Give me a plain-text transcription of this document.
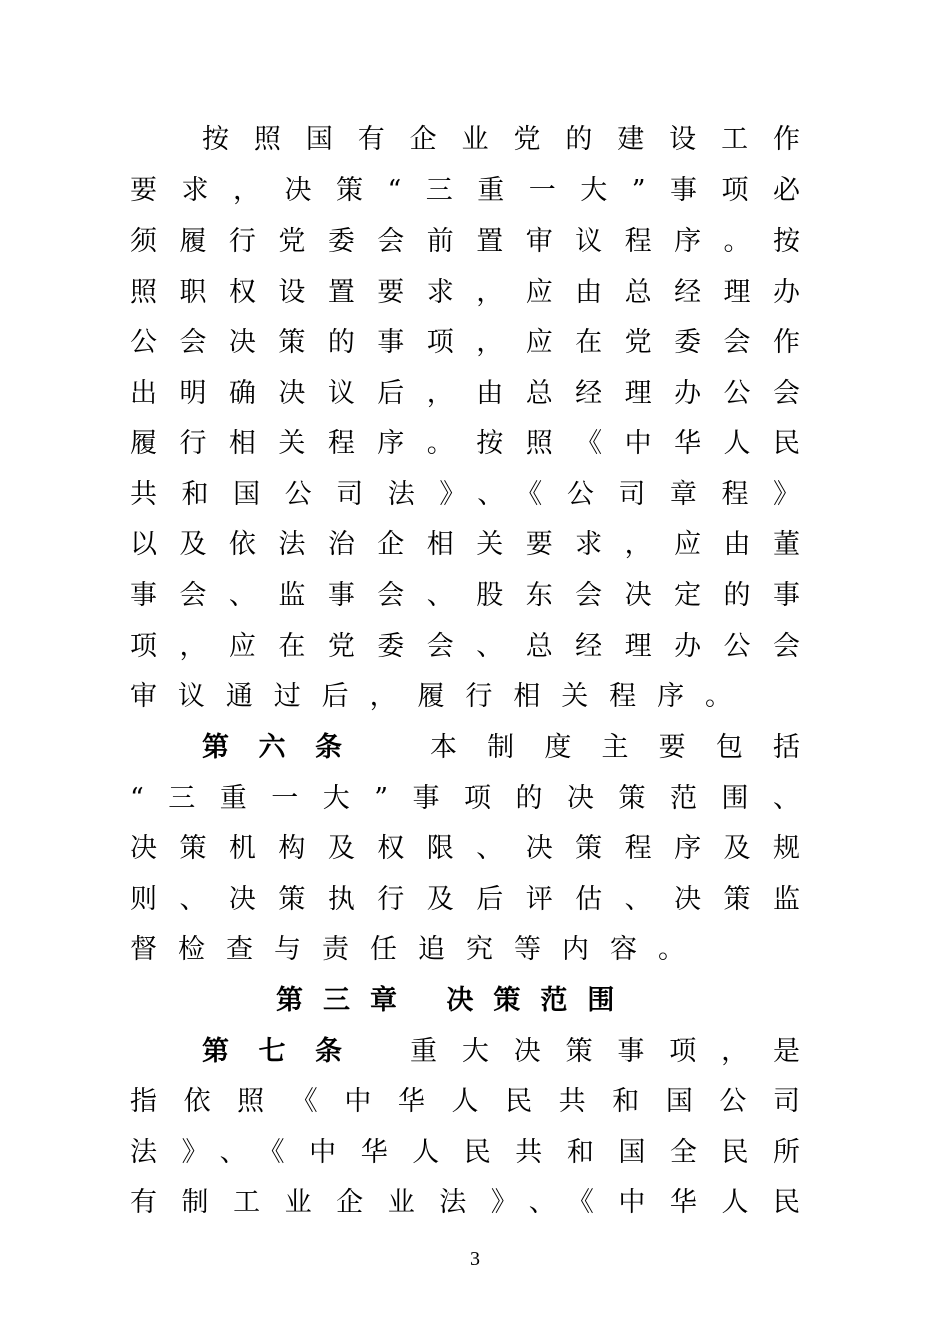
按照国有企业党的建设工作
要求，决策“三重一大”事项必
须履行党委会前置审议程序。按
照职权设置要求，应由总经理办
公会决策的事项，应在党委会作
出明确决议后，由总经理办公会
履行相关程序。按照《中华人民
共和国公司法》、《公司章程》
以及依法治企相关要求，应由董
事会、监事会、股东会决定的事
项，应在党委会、总经理办公会
审议通过后，履行相关程序。
第六条	本制度主要包括
“三重一大”事项的决策范围、
决策机构及权限、决策程序及规
则、决策执行及后评估、决策监
督检查与责任追究等内容。
第三章 决策范围
第七条	重大决策事项，是
指依照《中华人民共和国公司
法》、《中华人民共和国全民所
有制工业企业法》、《中华人民
3
